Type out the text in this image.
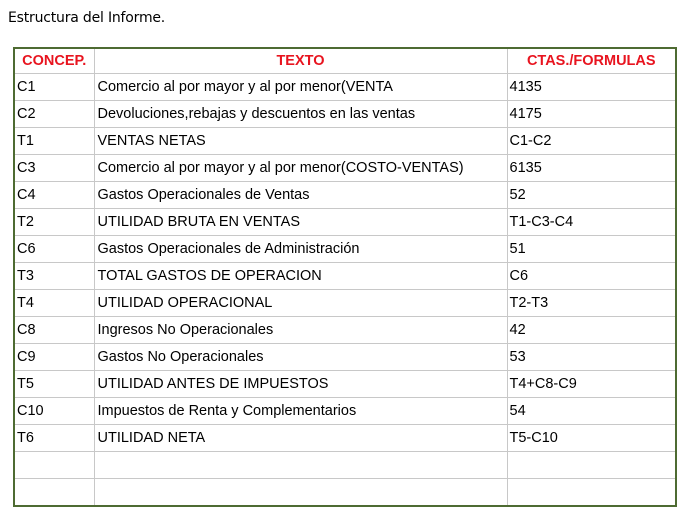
Estructura del Informe.
CONCEP.	TEXTO	CTAS./FORMULAS
C1	Comercio al por mayor y al por menor(VENTA	4135
C2	Devoluciones,rebajas y descuentos en las ventas	4175
T1	VENTAS NETAS	C1-C2
C3	Comercio al por mayor y al por menor(COSTO-VENTAS)	6135
C4	Gastos Operacionales de Ventas	52
T2	UTILIDAD BRUTA EN VENTAS	T1-C3-C4
C6	Gastos Operacionales de Administración	51
T3	TOTAL GASTOS DE OPERACION	C6
T4	UTILIDAD OPERACIONAL	T2-T3
C8	Ingresos No Operacionales	42
C9	Gastos No Operacionales	53
T5	UTILIDAD ANTES DE IMPUESTOS	T4+C8-C9
C10	Impuestos de Renta y Complementarios	54
T6	UTILIDAD NETA	T5-C10
